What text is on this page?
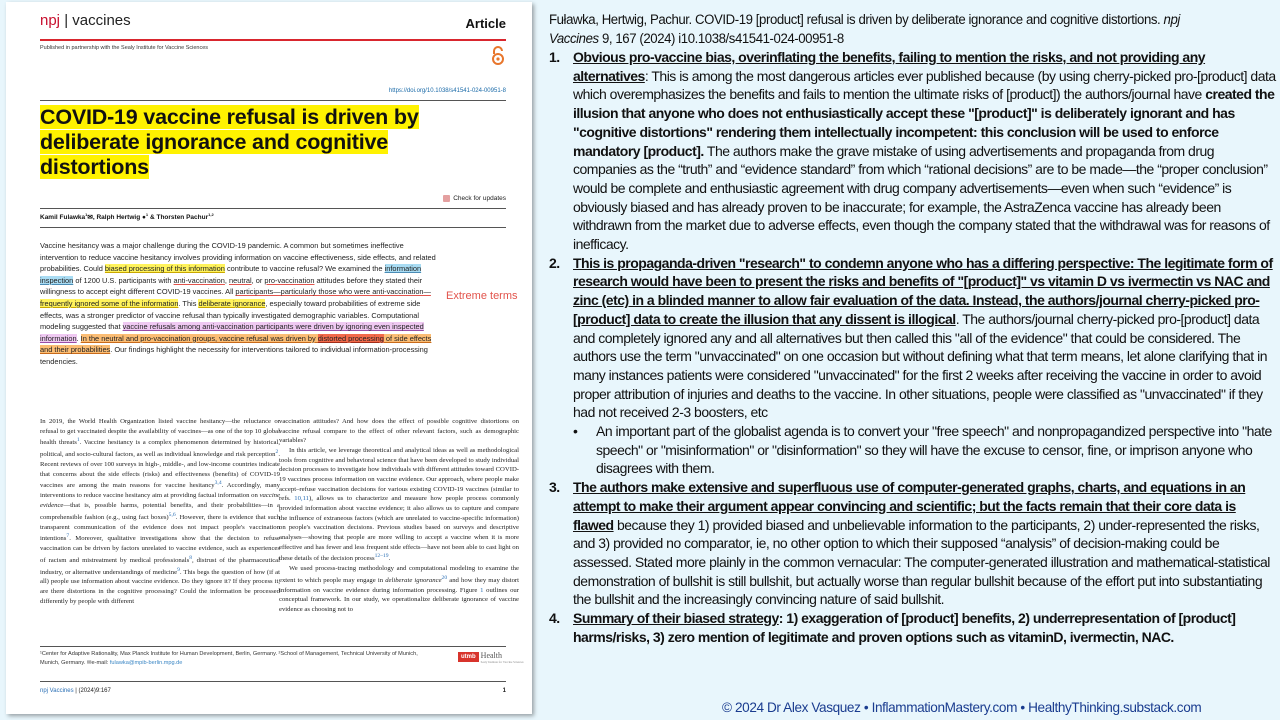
npj | vaccines	Article
Published in partnership with the Sealy Institute for Vaccine Sciences
https://doi.org/10.1038/s41541-024-00951-8
COVID-19 vaccine refusal is driven by
deliberate ignorance and cognitive
distortions
Check for updates
Kamil Fulawka$^1$✉, Ralph Hertwig ●$^1$ & Thorsten Pachur$^{1,2}$
Vaccine hesitancy was a major challenge during the COVID-19 pandemic. A common but sometimes ineffective intervention to reduce vaccine hesitancy involves providing information on vaccine effectiveness, side effects, and related probabilities. Could biased processing of this information contribute to vaccine refusal? We examined the information inspection of 1200 U.S. participants with anti-vaccination, neutral, or pro-vaccination attitudes before they stated their willingness to accept eight different COVID-19 vaccines. All participants—particularly those who were anti-vaccination—frequently ignored some of the information. This deliberate ignorance, especially toward probabilities of extreme side effects, was a stronger predictor of vaccine refusal than typically investigated demographic variables. Computational modeling suggested that vaccine refusals among anti-vaccination participants were driven by ignoring even inspected information. In the neutral and pro-vaccination groups, vaccine refusal was driven by distorted processing of side effects and their probabilities. Our findings highlight the necessity for interventions tailored to individual information-processing tendencies.
Extreme terms

In 2019, the World Health Organization listed vaccine hesitancy—the reluctance or refusal to get vaccinated despite the availability of vaccines—as one of the top 10 global health threats$^1$. Vaccine hesitancy is a complex phenomenon determined by historical, political, and socio-cultural factors, as well as individual knowledge and risk perception$^2$. Recent reviews of over 100 surveys in high-, middle-, and low-income countries indicate that concerns about the side effects (risks) and effectiveness (benefits) of COVID-19 vaccines are among the main reasons for vaccine hesitancy$^{3,4}$. Accordingly, many interventions to reduce vaccine hesitancy aim at providing factual information on vaccine evidence—that is, possible harms, potential benefits, and their probabilities—in a comprehensible fashion (e.g., using fact boxes)$^{5,6}$. However, there is evidence that such transparent communication of the evidence does not impact people's vaccination intentions$^7$. Moreover, qualitative investigations show that the decision to refuse vaccination can be driven by factors unrelated to vaccine evidence, such as experiences of racism and mistreatment by medical professionals$^8$, distrust of the pharmaceutical industry, or alternative understandings of medicine$^9$. This begs the question of how (if at all) people use information about vaccine evidence. Do they ignore it? If they process it, are there distortions in the cognitive processing? Could the information be processed differently by people with different

vaccination attitudes? And how does the effect of possible cognitive distortions on vaccine refusal compare to the effect of other relevant factors, such as demographic variables?

In this article, we leverage theoretical and analytical ideas as well as methodological tools from cognitive and behavioral science that have been developed to study individual decision processes to investigate how individuals with different attitudes toward COVID-19 vaccines process information on vaccine evidence. Our approach, where people make accept–refuse vaccination decisions for various existing COVID-19 vaccines (similar to refs. 10,11), allows us to characterize and measure how people process commonly provided information about vaccine evidence; it also allows us to capture and compare the influence of extraneous factors (which are unrelated to vaccine-specific information) on people's vaccination decisions. Previous studies based on surveys and descriptive analyses—showing that people are more willing to accept a vaccine when it is more effective and has fewer and less frequent side effects—have not been able to cast light on these details of the decision process$^{12-19}$.

We used process-tracing methodology and computational modeling to examine the extent to which people may engage in deliberate ignorance$^{20}$ and how they may distort information on vaccine evidence during information processing. Figure 1 outlines our conceptual framework. In our study, we operationalize deliberate ignorance of vaccine evidence as choosing not to

¹Center for Adaptive Rationality, Max Planck Institute for Human Development, Berlin, Germany. ²School of Management, Technical University of Munich, Munich, Germany. ✉e-mail: fulawka@mpib-berlin.mpg.de
utmb Health
Sealy Institute for Vaccine Sciences
npj Vaccines | (2024)9:167	1
Fuławka, Hertwig, Pachur. COVID-19 [product] refusal is driven by deliberate ignorance and cognitive distortions. npj Vaccines 9, 167 (2024) i10.1038/s41541-024-00951-8
1. Obvious pro-vaccine bias, overinflating the benefits, failing to mention the risks, and not providing any alternatives: This is among the most dangerous articles ever published because (by using cherry-picked pro-[product] data which overemphasizes the benefits and fails to mention the ultimate risks of [product]) the authors/journal have created the illusion that anyone who does not enthusiastically accept these "[product]" is deliberately ignorant and has "cognitive distortions" rendering them intellectually incompetent: this conclusion will be used to enforce mandatory [product]. The authors make the grave mistake of using advertisements and propaganda from drug companies as the “truth” and “evidence standard” from which “rational decisions” are to be made—the “proper conclusion” would be complete and enthusiastic agreement with drug company advertisements—even when such “evidence” is obviously biased and has already proven to be inaccurate; for example, the AstraZenca vaccine has already been withdrawn from the market due to adverse effects, even though the company stated that the withdrawal was for reasons of inefficacy.
2. This is propaganda-driven "research" to condemn anyone who has a differing perspective: The legitimate form of research would have been to present the risks and benefits of "[product]" vs vitamin D vs ivermectin vs NAC and zinc (etc) in a blinded manner to allow fair evaluation of the data. Instead, the authors/journal cherry-picked pro-[product] data to create the illusion that any dissent is illogical. The authors/journal cherry-picked pro-[product] data and completely ignored any and all alternatives but then called this "all of the evidence" that could be considered. The authors use the term "unvaccinated" on one occasion but without defining what that term means, let alone clarifying that in many instances patients were considered "unvaccinated" for the first 2 weeks after receiving the vaccine in order to avoid proper attribution of injuries and deaths to the vaccine. In other situations, people were classified as "unvaccinated" if they had not received 2-3 boosters, etc
• An important part of the globalist agenda is to convert your "free speech" and nonpropagandized perspective into "hate speech" or "misinformation" or "disinformation" so they will have the excuse to censor, fine, or imprison anyone who disagrees with them.
3. The authors make extensive and superfluous use of computer-generated graphs, charts, and equations in an attempt to make their argument appear convincing and scientific; but the facts remain that their core data is flawed because they 1) provided biased and unbelievable information to the participants, 2) under-represented the risks, and 3) provided no comparator, ie, no other option to which their supposed “analysis” of decision-making could be assessed. Stated more plainly in the common vernacular: The computer-generated illustration and mathematical-statistical demonstration of bullshit is still bullshit, but actually worse than regular bullshit because of the effort put into substantiating the bullshit and the increasingly convincing nature of said bullshit.
4. Summary of their biased strategy: 1) exaggeration of [product] benefits, 2) underrepresentation of [product] harms/risks, 3) zero mention of legitimate and proven options such as vitaminD, ivermectin, NAC.
© 2024 Dr Alex Vasquez • InflammationMastery.com • HealthyThinking.substack.com
